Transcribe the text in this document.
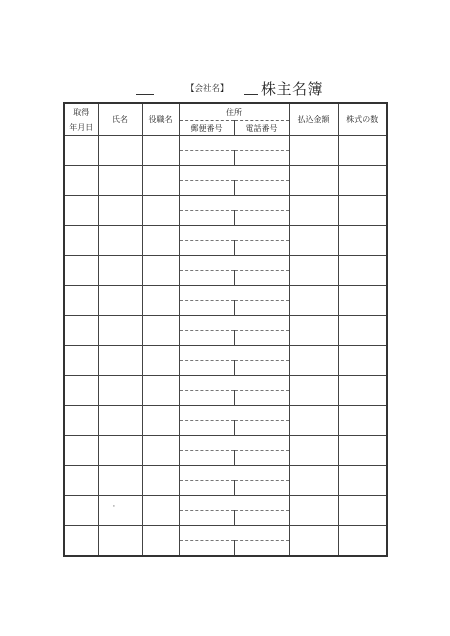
【会社名】 株主名簿
取得
年月日	氏名	役職名	住所		払込金額	株式の数
			郵便番号	電話番号		

	'				
